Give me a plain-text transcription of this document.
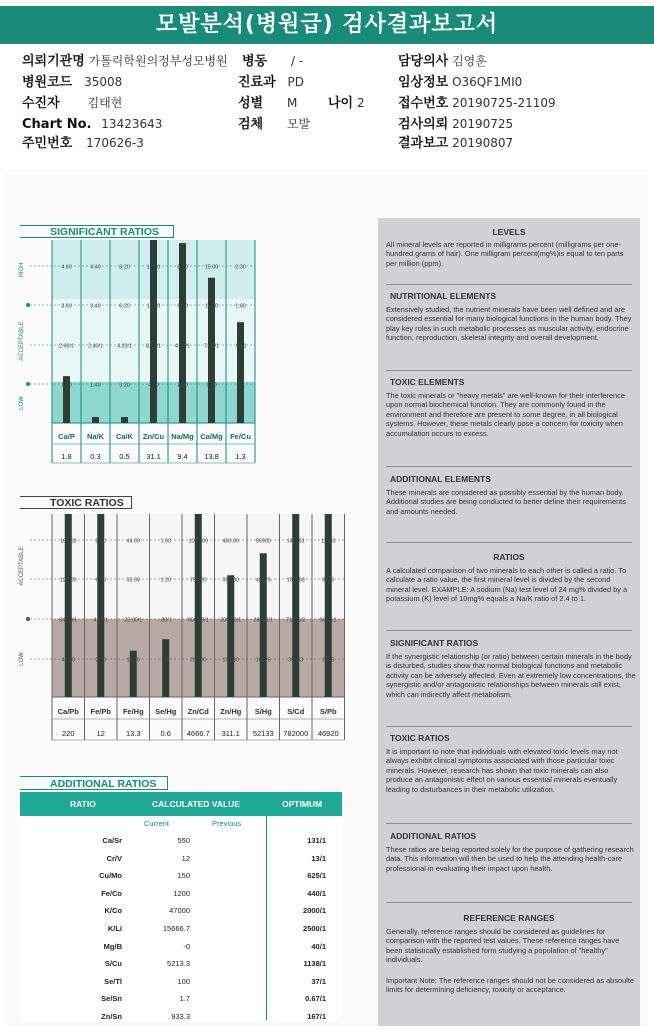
모발분석(병원급) 검사결과보고서
의뢰기관명 가톨릭학원의정부성모병원 병동 / -	담당의사 김영훈
병원코드 35008	진료과 PD	임상정보 O36QF1MI0
수진자 김태현	성별 M 나이 2	접수번호 20190725-21109
Chart No. 13423643	검체 모발	검사의뢰 20190725
주민번호 170626-3	결과보고 20190807
LEVELS
All mineral levels are reported in milligrams percent (milligrams per one-hundred grams of hair). One milligram percent(mg%)is equal to ten parts per million (ppm).
NUTRITIONAL ELEMENTS
Extensively studied, the nutrient minerals have been well defined and are considered essential for many biological functions in the human body. They play key roles in such metabolic processes as muscular activity, endocrine function, reproduction, skeletal integrity and overall development.
TOXIC ELEMENTS
The toxic minerals or "heavy metals" are well-known for their interference upon normal biochemical function. They are commonly found in the environment and therefore are present to some degree, in all biological systems. However, these metals clearly pose a concern for toxicity when accumulation occurs to excess.
ADDITIONAL ELEMENTS
These minerals are considered as possibly essential by the human body. Additional studies are being conducted to better define their requirements and amounts needed.
RATIOS
A calculated comparison of two minerals to each other is called a ratio. To calculate a ratio value, the first mineral level is divided by the second mineral level. EXAMPLE: A sodium (Na) test level of 24 mg% divided by a potassium (K) level of 10mg% equals a Na/K ratio of 2.4 to 1.
SIGNIFICANT RATIOS
If the synergistic relationship (or ratio) between certain minerals in the body is disturbed, studies show that normal biological functions and metabolic activity can be adversely affected. Even at extremely low concentrations, the synergistic and/or antagonistic relationships between minerals still exist, which can indirectly affect metabolism.
TOXIC RATIOS
It is important to note that individuals with elevated toxic levels may not always exhibit clinical symptoms associated with those particular toxic minerals. However, research has shown that toxic minerals can also produce an antagonistic effect on various essential minerals eventually leading to disturbances in their metabolic utilization.
ADDITIONAL RATIOS
These ratios are being reported solely for the purpose of gathering research data. This information will then be used to help the attending health-care professional in evaluating their impact upon health.
REFERENCE RANGES
Generally, reference ranges should be considered as guidelines for comparison with the reported test values. These reference ranges have been statistically established form studying a population of "healthy" individuals.
Important Note: The reference ranges should not be considered as absoulte limits for determining deficiency, toxicity or acceptance.
SIGNIFICANT RATIOS
TOXIC RATIOS
ADDITIONAL RATIOS
HIGH
ACCEPTABLE
LOW
4.60
3.60
2.60/1
1.60
Ca/P
1.8
4.40
3.40
2.40/1
1.40
Na/K
0.3
8.20
6.20
4.20/1
3.20
Ca/K
0.5
16.00
12.00
8.00/1
4.00
Zn/Cu
31.1
8.20
6.20
4.00/1
2.00
Na/Mg
9.4
15.00
11.00
7.00/1
3.00
Ca/Mg
13.8
2.30
1.60
.90/1
.20
Fe/Cu
1.3
ACCEPTABLE
LOW
168.00
126.00
84.00/1
42.00
Ca/Pb
220
8.80
6.60
4.40/1
2.20
Fe/Pb
12
44.00
33.00
22.00/1
11.00
Fe/Hg
13.3
1.60
1.20
.80/1
.40
Se/Hg
0.6
1000.00
750.00
500.00/1
250.00
Zn/Cd
4666.7
400.00
300.00
200.00/1
100.00
Zn/Hg
311.1
56900
42675
28450/1
14225
S/Hg
52133
142251
106688
71126/2
35563
S/Cd
782000
11380
8535
5690/1
2845
S/Pb
46920
RATIO	CALCULATED VALUE	OPTIMUM
Current	Previous
Ca/Sr	550	131/1
Cr/V	12	13/1
Cu/Mo	150	625/1
Fe/Co	1200	440/1
K/Co	47000	2000/1
K/Li	15666.7	2500/1
Mg/B	-0	40/1
S/Cu	5213.3	1138/1
Se/Tl	100	37/1
Se/Sn	1.7	0.67/1
Zn/Sn	933.3	167/1
